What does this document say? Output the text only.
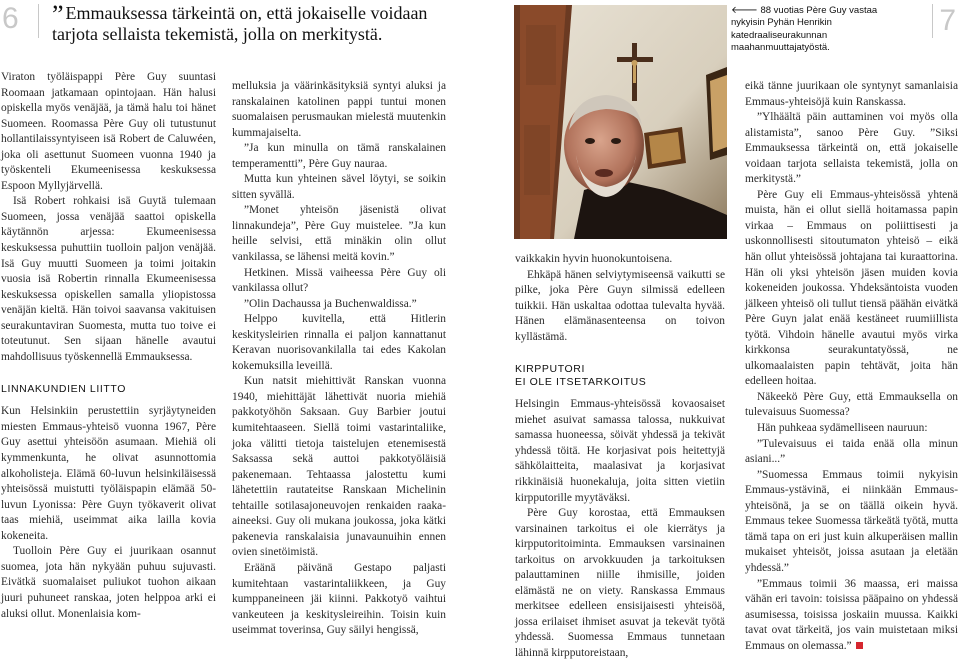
6 ” Emmauksessa tärkeintä on, että jokaiselle voidaan tarjota sellaista tekemistä, jolla on merkitystä.
🡐 88 vuotias Père Guy vastaa nykyisin Pyhän Henrikin katedraaliseurakunnan maahanmuuttajatyöstä.
7

Viraton työläispappi Père Guy suuntasi Roomaan jatkamaan opintojaan. Hän halusi opiskella myös venäjää, ja tämä halu toi hänet Suomeen. Roomassa Père Guy oli tutustunut hollantilaissyntyiseen isä Robert de Caluwéen, joka oli asettunut Suomeen vuonna 1940 ja työskenteli Ekumeenisessa keskuksessa Espoon Myllyjärvellä.

Isä Robert rohkaisi isä Guytä tulemaan Suomeen, jossa venäjää saattoi opiskella käytännön arjessa: Ekumeenisessa keskuksessa puhuttiin tuolloin paljon venäjää. Isä Guy muutti Suomeen ja toimi joitakin vuosia isä Robertin rinnalla Ekumeenisessa keskuksessa opiskellen samalla yliopistossa venäjän kieltä. Hän toivoi saavansa vakituisen seurakuntaviran Suomesta, mutta tuo toive ei toteutunut. Sen sijaan hänelle avautui mahdollisuus työskennellä Emmauksessa.

LINNAKUNDIEN LIITTO

Kun Helsinkiin perustettiin syrjäytyneiden miesten Emmaus-yhteisö vuonna 1967, Père Guy asettui yhteisöön asumaan. Miehiä oli kymmenkunta, he olivat asunnottomia alkoholisteja. Elämä 60-luvun helsinkiläisessä yhteisössä muistutti työläispapin elämää 50-luvun Lyonissa: Père Guyn työkaverit olivat taas miehiä, useimmat aika lailla kovia kokeneita.

Tuolloin Père Guy ei juurikaan osannut suomea, jota hän nykyään puhuu sujuvasti. Eivätkä suomalaiset puliukot tuohon aikaan juuri puhuneet ranskaa, joten helppoa arki ei aluksi ollut. Monenlaisia kom-

melluksia ja väärinkäsityksiä syntyi aluksi ja ranskalainen katolinen pappi tuntui monen suomalaisen perusmaukan mielestä muutenkin kummajaiselta.

”Ja kun minulla on tämä ranskalainen temperamentti”, Père Guy nauraa.

Mutta kun yhteinen sävel löytyi, se soikin sitten syvällä.

”Monet yhteisön jäsenistä olivat linnakundeja”, Père Guy muistelee. ”Ja kun heille selvisi, että minäkin olin ollut vankilassa, se lähensi meitä kovin.”

Hetkinen. Missä vaiheessa Père Guy oli vankilassa ollut?

”Olin Dachaussa ja Buchenwaldissa.”

Helppo kuvitella, että Hitlerin keskitysleirien rinnalla ei paljon kannattanut Keravan nuorisovankilalla tai edes Kakolan kokemuksilla leveillä.

Kun natsit miehittivät Ranskan vuonna 1940, miehittäjät lähettivät nuoria miehiä pakkotyöhön Saksaan. Guy Barbier joutui kumitehtaaseen. Siellä toimi vastarintaliike, joka välitti tietoja taistelujen etenemisestä Saksassa sekä auttoi pakkotyöläisiä pakenemaan. Tehtaassa jalostettu kumi lähetettiin rautateitse Ranskaan Michelinin tehtaille sotilasajoneuvojen renkaiden raaka-aineeksi. Guy oli mukana joukossa, joka kätki pakenevia ranskalaisia junavaunuihin ennen ovien sinetöimistä.

Eräänä päivänä Gestapo paljasti kumitehtaan vastarintaliikkeen, ja Guy kumppaneineen jäi kiinni. Pakkotyö vaihtui vankeuteen ja keskitysleireihin. Toisin kuin useimmat toverinsa, Guy säilyi hengissä,

vaikkakin hyvin huonokuntoisena.

Ehkäpä hänen selviytymiseensä vaikutti se pilke, joka Père Guyn silmissä edelleen tuikkii. Hän uskaltaa odottaa tulevalta hyvää. Hänen elämänasenteensa on toivon kyllästämä.

KIRPPUTORI
EI OLE ITSETARKOITUS

Helsingin Emmaus-yhteisössä kovaosaiset miehet asuivat samassa talossa, nukkuivat samassa huoneessa, söivät yhdessä ja tekivät yhdessä töitä. He korjasivat pois heitettyjä sähkölaitteita, maalasivat ja korjasivat rikkinäisiä huonekaluja, joita sitten vietiin kirpputorille myytäväksi.

Père Guy korostaa, että Emmauksen varsinainen tarkoitus ei ole kierrätys ja kirpputoritoiminta. Emmauksen varsinainen tarkoitus on arvokkuuden ja tarkoituksen palauttaminen niille ihmisille, joiden elämästä ne on viety. Ranskassa Emmaus merkitsee edelleen ensisijaisesti yhteisöä, jossa erilaiset ihmiset asuvat ja tekevät työtä yhdessä. Suomessa Emmaus tunnetaan lähinnä kirpputoreistaan,

eikä tänne juurikaan ole syntynyt samanlaisia Emmaus-yhteisöjä kuin Ranskassa.

”Ylhäältä päin auttaminen voi myös olla alistamista”, sanoo Père Guy. ”Siksi Emmauksessa tärkeintä on, että jokaiselle voidaan tarjota sellaista tekemistä, jolla on merkitystä.”

Père Guy eli Emmaus-yhteisössä yhtenä muista, hän ei ollut siellä hoitamassa papin virkaa – Emmaus on poliittisesti ja uskonnollisesti sitoutumaton yhteisö – eikä hän ollut yhteisössä johtajana tai kuraattorina. Hän oli yksi yhteisön jäsen muiden kovia kokeneiden joukossa. Yhdeksäntoista vuoden jälkeen yhteisö oli tullut tiensä päähän eivätkä Père Guyn jalat enää kestäneet ruumiillista työtä. Vihdoin hänelle avautui myös virka kirkkonsa seurakuntatyössä, ne ulkomaalaisten papin tehtävät, joita hän edelleen hoitaa.

Näkeekö Père Guy, että Emmauksella on tulevaisuus Suomessa?

Hän puhkeaa sydämelliseen nauruun:

”Tulevaisuus ei taida enää olla minun asiani...”

”Suomessa Emmaus toimii nykyisin Emmaus-ystävinä, ei niinkään Emmaus-yhteisönä, ja se on täällä oikein hyvä. Emmaus tekee Suomessa tärkeätä työtä, mutta tämä tapa on eri just kuin alkuperäisen mallin mukaiset yhteisöt, joissa asutaan ja eletään yhdessä.”

”Emmaus toimii 36 maassa, eri maissa vähän eri tavoin: toisissa pääpaino on yhdessä asumisessa, toisissa joskaiin muussa. Kaikki tavat ovat tärkeitä, jos vain muistetaan miksi Emmaus on olemassa.”
